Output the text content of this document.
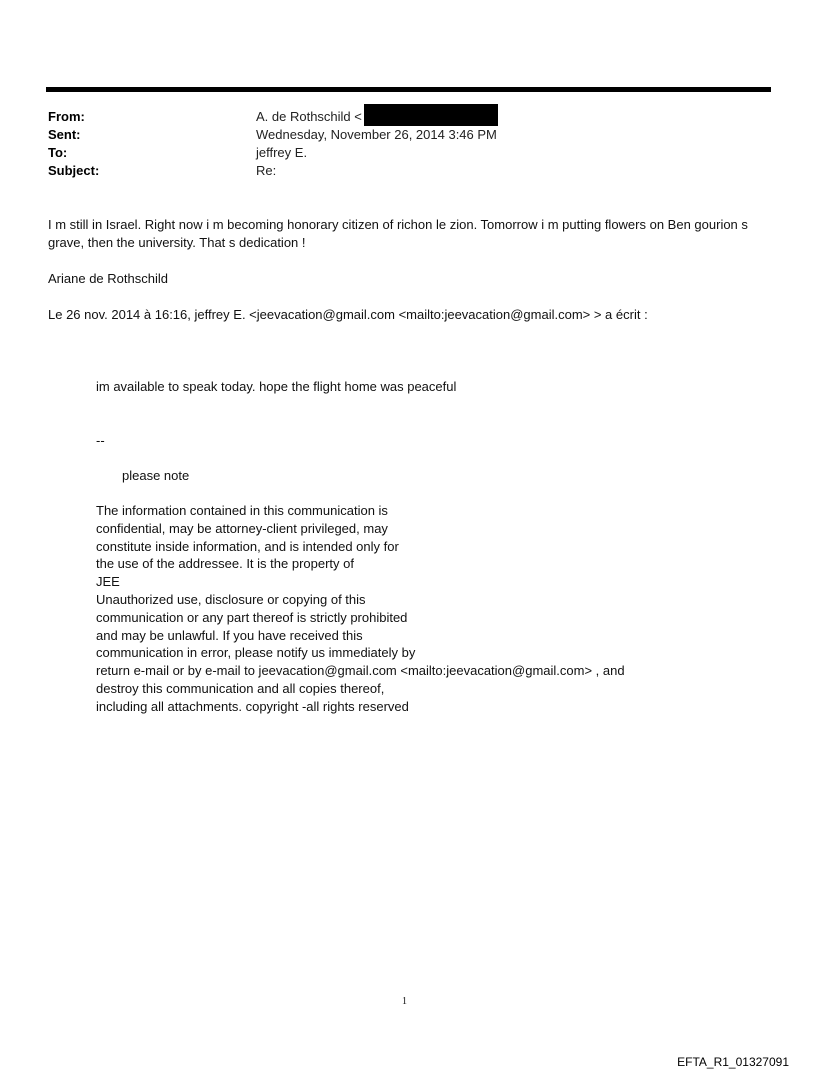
From:	A. de Rothschild <
Sent:	Wednesday, November 26, 2014 3:46 PM
To:	jeffrey E.
Subject:	Re:
I m still in Israel. Right now i m becoming honorary citizen of richon le zion. Tomorrow i m putting flowers on Ben gourion s grave, then the university. That s dedication !
Ariane de Rothschild
Le 26 nov. 2014 à 16:16, jeffrey E. <jeevacation@gmail.com <mailto:jeevacation@gmail.com> > a écrit :
im available to speak today. hope the flight home was peaceful
--
please note
The information contained in this communication is
confidential, may be attorney-client privileged, may
constitute inside information, and is intended only for
the use of the addressee. It is the property of
JEE
Unauthorized use, disclosure or copying of this
communication or any part thereof is strictly prohibited
and may be unlawful. If you have received this
communication in error, please notify us immediately by
return e-mail or by e-mail to jeevacation@gmail.com <mailto:jeevacation@gmail.com> , and
destroy this communication and all copies thereof,
including all attachments. copyright -all rights reserved
1
EFTA_R1_01327091
